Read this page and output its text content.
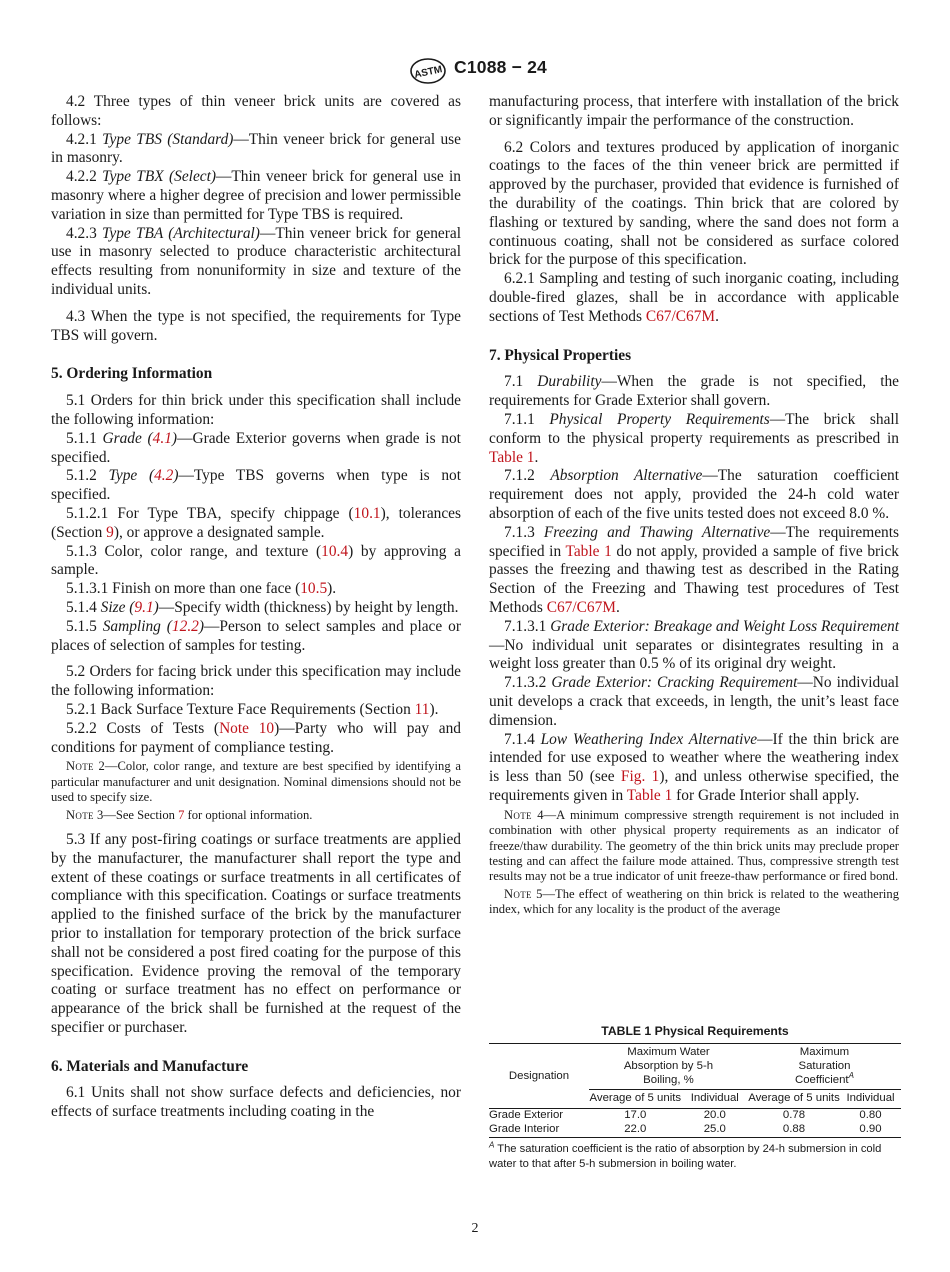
ASTM C1088 − 24

4.2 Three types of thin veneer brick units are covered as follows:

4.2.1 Type TBS (Standard)—Thin veneer brick for general use in masonry.

4.2.2 Type TBX (Select)—Thin veneer brick for general use in masonry where a higher degree of precision and lower permissible variation in size than permitted for Type TBS is required.

4.2.3 Type TBA (Architectural)—Thin veneer brick for general use in masonry selected to produce characteristic architectural effects resulting from nonuniformity in size and texture of the individual units.

4.3 When the type is not specified, the requirements for Type TBS will govern.

5. Ordering Information

5.1 Orders for thin brick under this specification shall include the following information:

5.1.1 Grade (4.1)—Grade Exterior governs when grade is not specified.

5.1.2 Type (4.2)—Type TBS governs when type is not specified.

5.1.2.1 For Type TBA, specify chippage (10.1), tolerances (Section 9), or approve a designated sample.

5.1.3 Color, color range, and texture (10.4) by approving a sample.

5.1.3.1 Finish on more than one face (10.5).

5.1.4 Size (9.1)—Specify width (thickness) by height by length.

5.1.5 Sampling (12.2)—Person to select samples and place or places of selection of samples for testing.

5.2 Orders for facing brick under this specification may include the following information:

5.2.1 Back Surface Texture Face Requirements (Section 11).

5.2.2 Costs of Tests (Note 10)—Party who will pay and conditions for payment of compliance testing.

Note 2—Color, color range, and texture are best specified by identifying a particular manufacturer and unit designation. Nominal dimensions should not be used to specify size.

Note 3—See Section 7 for optional information.

5.3 If any post-firing coatings or surface treatments are applied by the manufacturer, the manufacturer shall report the type and extent of these coatings or surface treatments in all certificates of compliance with this specification. Coatings or surface treatments applied to the finished surface of the brick by the manufacturer prior to installation for temporary protection of the brick surface shall not be considered a post fired coating for the purpose of this specification. Evidence proving the removal of the temporary coating or surface treatment has no effect on performance or appearance of the brick shall be furnished at the request of the specifier or purchaser.

6. Materials and Manufacture

6.1 Units shall not show surface defects and deficiencies, nor effects of surface treatments including coating in the

manufacturing process, that interfere with installation of the brick or significantly impair the performance of the construction.

6.2 Colors and textures produced by application of inorganic coatings to the faces of the thin veneer brick are permitted if approved by the purchaser, provided that evidence is furnished of the durability of the coatings. Thin brick that are colored by flashing or textured by sanding, where the sand does not form a continuous coating, shall not be considered as surface colored brick for the purpose of this specification.

6.2.1 Sampling and testing of such inorganic coating, including double-fired glazes, shall be in accordance with applicable sections of Test Methods C67/C67M.

7. Physical Properties

7.1 Durability—When the grade is not specified, the requirements for Grade Exterior shall govern.

7.1.1 Physical Property Requirements—The brick shall conform to the physical property requirements as prescribed in Table 1.

7.1.2 Absorption Alternative—The saturation coefficient requirement does not apply, provided the 24-h cold water absorption of each of the five units tested does not exceed 8.0 %.

7.1.3 Freezing and Thawing Alternative—The requirements specified in Table 1 do not apply, provided a sample of five brick passes the freezing and thawing test as described in the Rating Section of the Freezing and Thawing test procedures of Test Methods C67/C67M.

7.1.3.1 Grade Exterior: Breakage and Weight Loss Requirement—No individual unit separates or disintegrates resulting in a weight loss greater than 0.5 % of its original dry weight.

7.1.3.2 Grade Exterior: Cracking Requirement—No individual unit develops a crack that exceeds, in length, the unit’s least face dimension.

7.1.4 Low Weathering Index Alternative—If the thin brick are intended for use exposed to weather where the weathering index is less than 50 (see Fig. 1), and unless otherwise specified, the requirements given in Table 1 for Grade Interior shall apply.

Note 4—A minimum compressive strength requirement is not included in combination with other physical property requirements as an indicator of freeze/thaw durability. The geometry of the thin brick units may preclude proper testing and can affect the failure mode attained. Thus, compressive strength test results may not be a true indicator of unit freeze-thaw performance or fired bond.

Note 5—The effect of weathering on thin brick is related to the weathering index, which for any locality is the product of the average

TABLE 1 Physical Requirements
Designation	Maximum Water Absorption by 5-h Boiling, %		Maximum Saturation Coefficient$^A$
	Average of 5 units	Individual	Average of 5 units	Individual
Grade Exterior	17.0	20.0	0.78	0.80
Grade Interior	22.0	25.0	0.88	0.90
$^A$ The saturation coefficient is the ratio of absorption by 24-h submersion in cold water to that after 5-h submersion in boiling water.
2
